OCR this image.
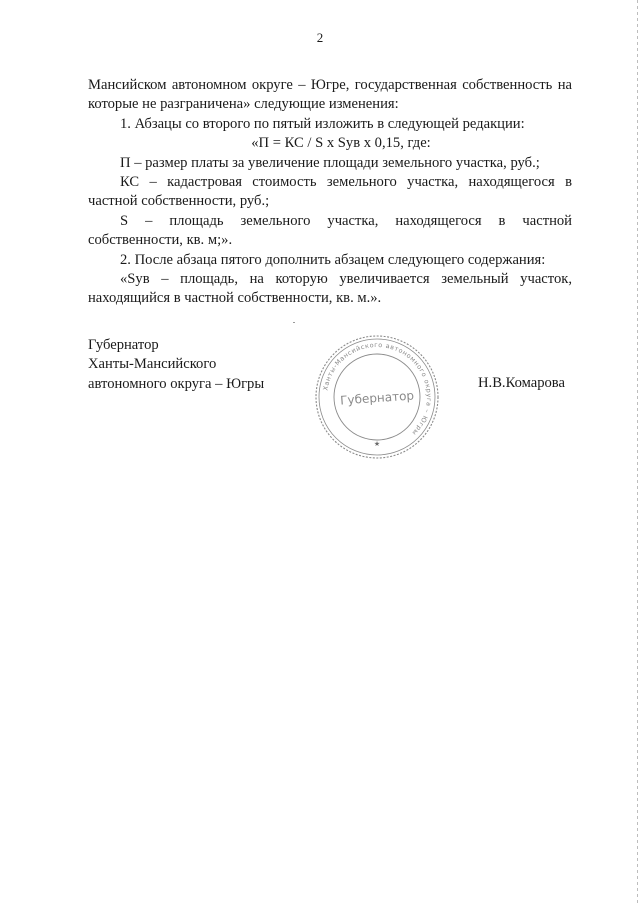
2

Мансийском автономном округе – Югре, государственная собственность на которые не разграничена» следующие изменения:

1. Абзацы со второго по пятый изложить в следующей редакции:

«П = КС / S х Sув х 0,15, где:

П – размер платы за увеличение площади земельного участка, руб.;

КС – кадастровая стоимость земельного участка, находящегося в частной собственности, руб.;

S – площадь земельного участка, находящегося в частной собственности, кв. м;».

2. После абзаца пятого дополнить абзацем следующего содержания:

«Sув – площадь, на которую увеличивается земельный участок, находящийся в частной собственности, кв. м.».

Губернатор
Ханты-Мансийского
автономного округа – Югры	Ханты-Мансийского автономного округа – Югры
Губернатор
★
Н.В.Комарова
